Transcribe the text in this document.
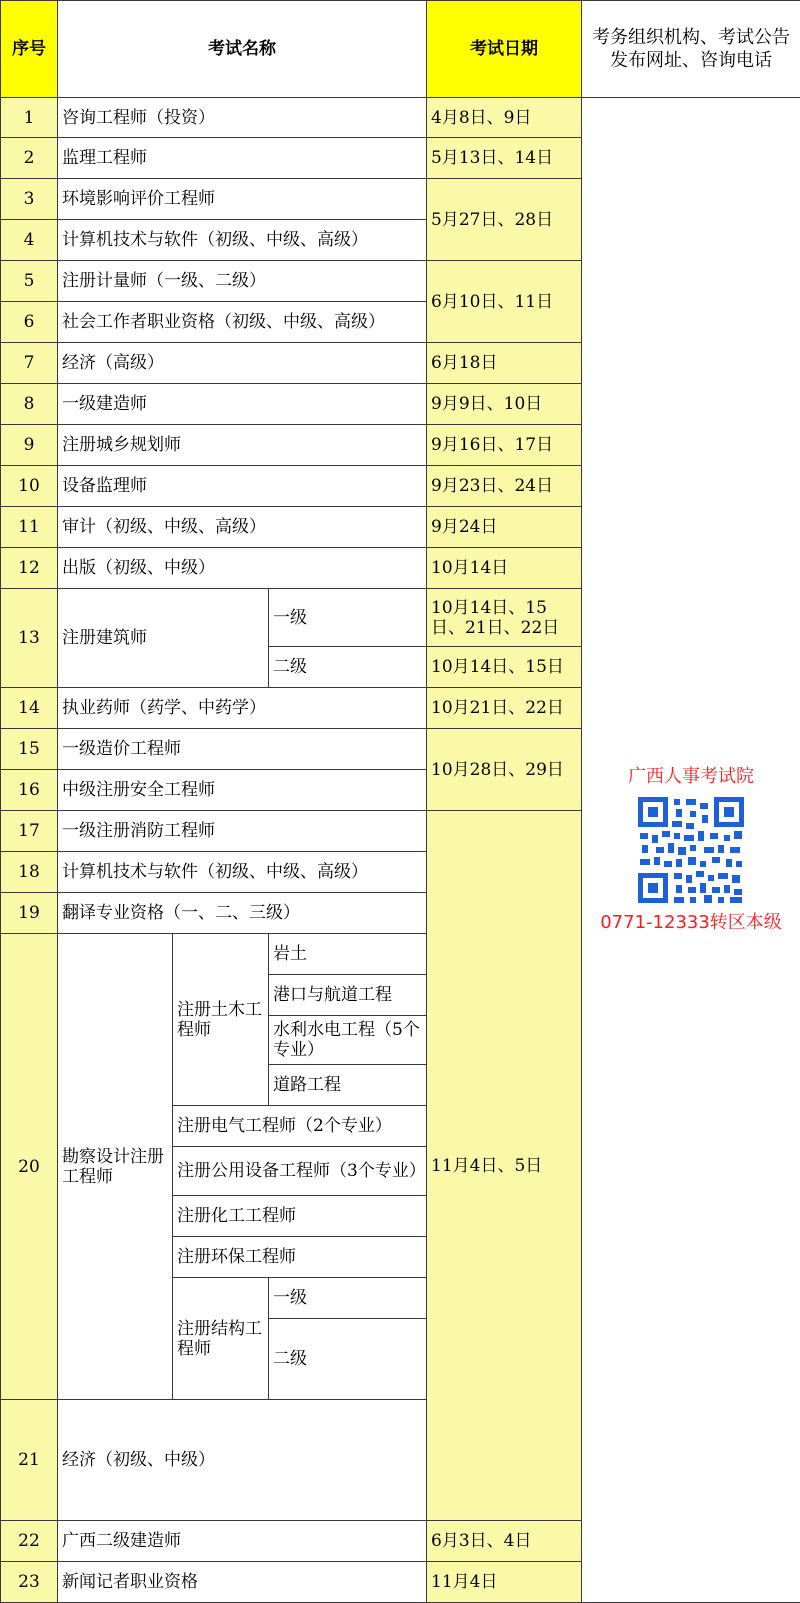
序号	考试名称			考试日期	考务组织机构、考试公告发布网址、咨询电话	
1	咨询工程师（投资）			4月8日、9日	广西人事考试院
0771-12333转区本级	

2	监理工程师			5月13日、14日		
3	环境影响评价工程师			5月27日、28日		
4	计算机技术与软件（初级、中级、高级）					
5	注册计量师（一级、二级）			6月10日、11日		
6	社会工作者职业资格（初级、中级、高级）					
7	经济（高级）			6月18日		
8	一级建造师			9月9日、10日		
9	注册城乡规划师			9月16日、17日		
10	设备监理师			9月23日、24日		
11	审计（初级、中级、高级）			9月24日		
12	出版（初级、中级）			10月14日		
13	注册建筑师		一级	10月14日、15日、21日、22日		
			二级	10月14日、15日		
14	执业药师（药学、中药学）			10月21日、22日		
15	一级造价工程师			10月28日、29日		
16	中级注册安全工程师					
17	一级注册消防工程师			11月4日、5日		
18	计算机技术与软件（初级、中级、高级）					
19	翻译专业资格（一、二、三级）					
20	勘察设计注册工程师	注册土木工程师	岩土			
			港口与航道工程			
			水利水电工程（5个专业）			
			道路工程			
		注册电气工程师（2个专业）				
		注册公用设备工程师（3个专业）				
		注册化工工程师				
		注册环保工程师				
		注册结构工程师	一级			
			二级	

21	经济（初级、中级）	
22	广西二级建造师			6月3日、4日		
23	新闻记者职业资格			11月4日		
